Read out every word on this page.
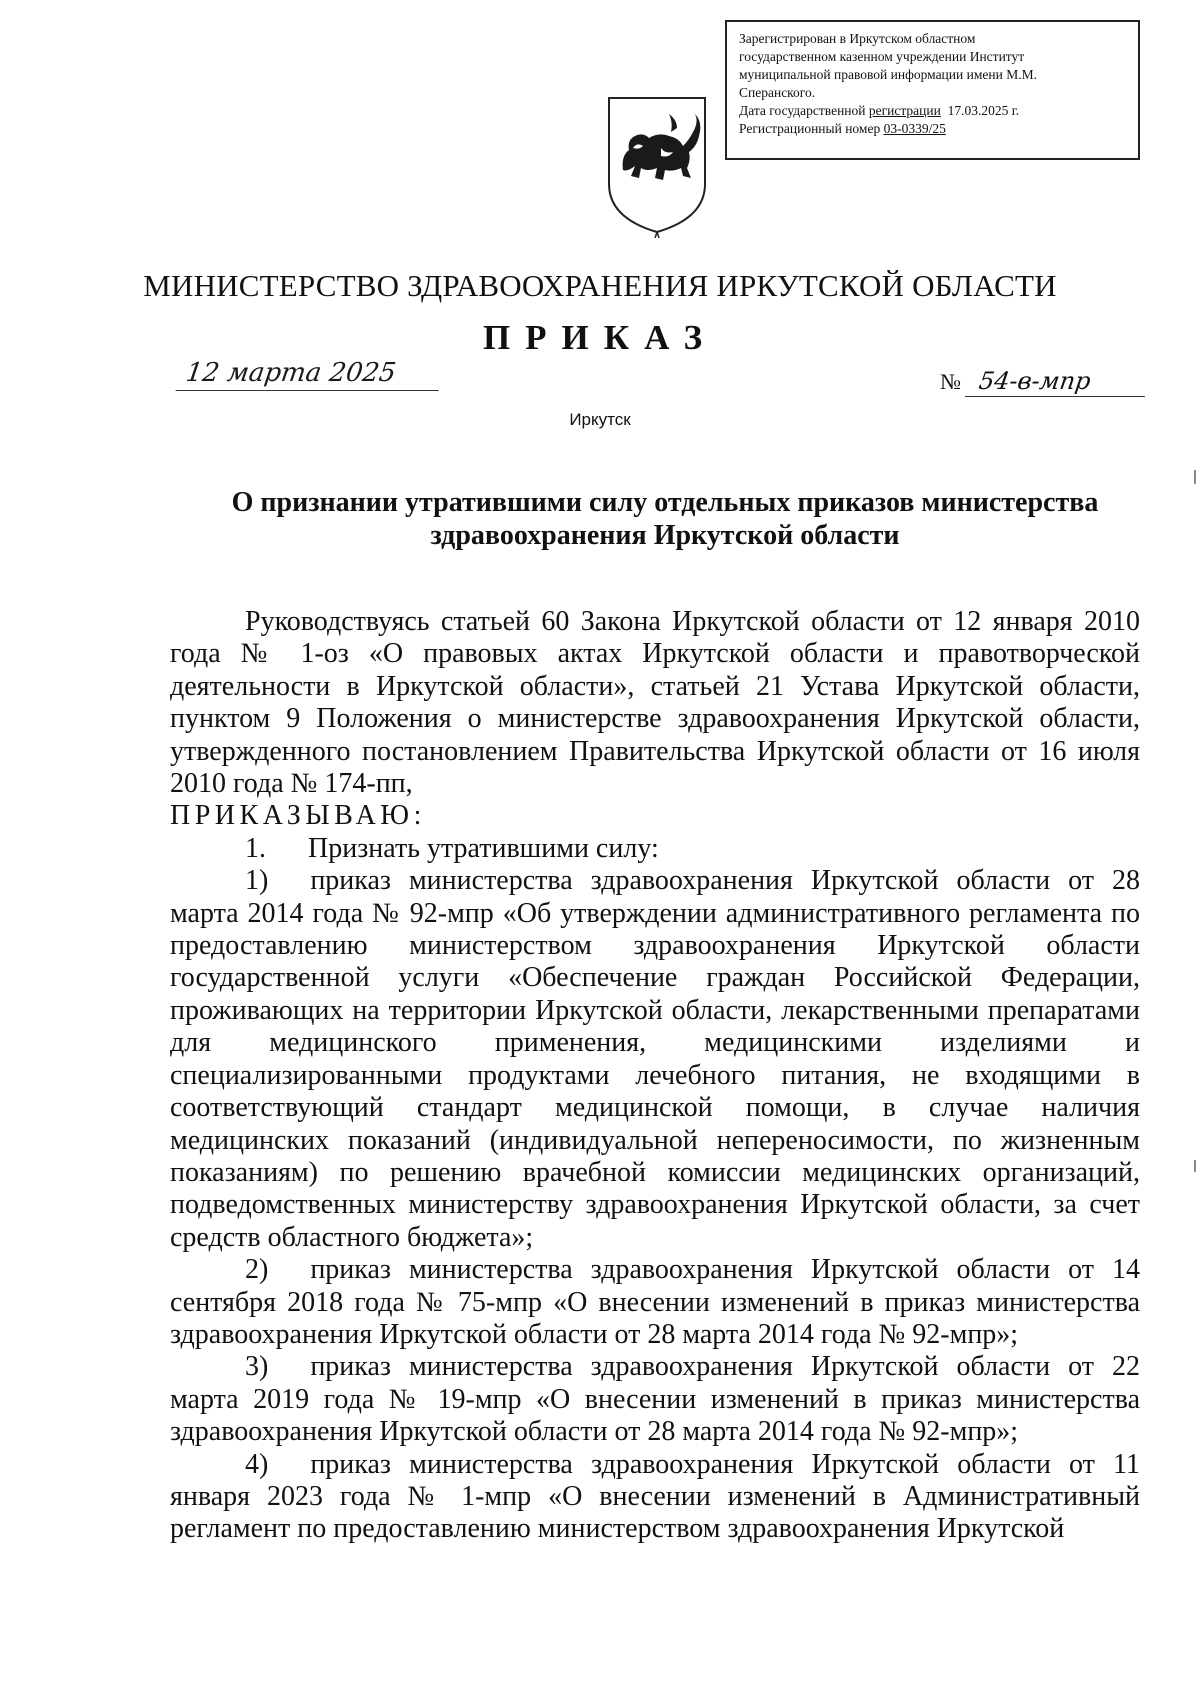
Зарегистрирован в Иркутском областном
государственном казенном учреждении Институт
муниципальной правовой информации имени М.М.
Сперанского.
Дата государственной регистрации 17.03.2025 г.
Регистрационный номер 03-0339/25
МИНИСТЕРСТВО ЗДРАВООХРАНЕНИЯ ИРКУТСКОЙ ОБЛАСТИ
ПРИКАЗ
12 марта 2025	№ 54-в-мпр
Иркутск
О признании утратившими силу отдельных приказов министерства здравоохранения Иркутской области

Руководствуясь статьей 60 Закона Иркутской области от 12 января 2010 года № 1-оз «О правовых актах Иркутской области и правотворческой деятельности в Иркутской области», статьей 21 Устава Иркутской области, пунктом 9 Положения о министерстве здравоохранения Иркутской области, утвержденного постановлением Правительства Иркутской области от 16 июля 2010 года № 174-пп,

ПРИКАЗЫВАЮ:

1.  Признать утратившими силу:

1)  приказ министерства здравоохранения Иркутской области от 28 марта 2014 года № 92-мпр «Об утверждении административного регламента по предоставлению министерством здравоохранения Иркутской области государственной услуги «Обеспечение граждан Российской Федерации, проживающих на территории Иркутской области, лекарственными препаратами для медицинского применения, медицинскими изделиями и специализированными продуктами лечебного питания, не входящими в соответствующий стандарт медицинской помощи, в случае наличия медицинских показаний (индивидуальной непереносимости, по жизненным показаниям) по решению врачебной комиссии медицинских организаций, подведомственных министерству здравоохранения Иркутской области, за счет средств областного бюджета»;

2)  приказ министерства здравоохранения Иркутской области от 14 сентября 2018 года № 75-мпр «О внесении изменений в приказ министерства здравоохранения Иркутской области от 28 марта 2014 года № 92-мпр»;

3)  приказ министерства здравоохранения Иркутской области от 22 марта 2019 года № 19-мпр «О внесении изменений в приказ министерства здравоохранения Иркутской области от 28 марта 2014 года № 92-мпр»;

4)  приказ министерства здравоохранения Иркутской области от 11 января 2023 года № 1-мпр «О внесении изменений в Административный регламент по предоставлению министерством здравоохранения Иркутской
